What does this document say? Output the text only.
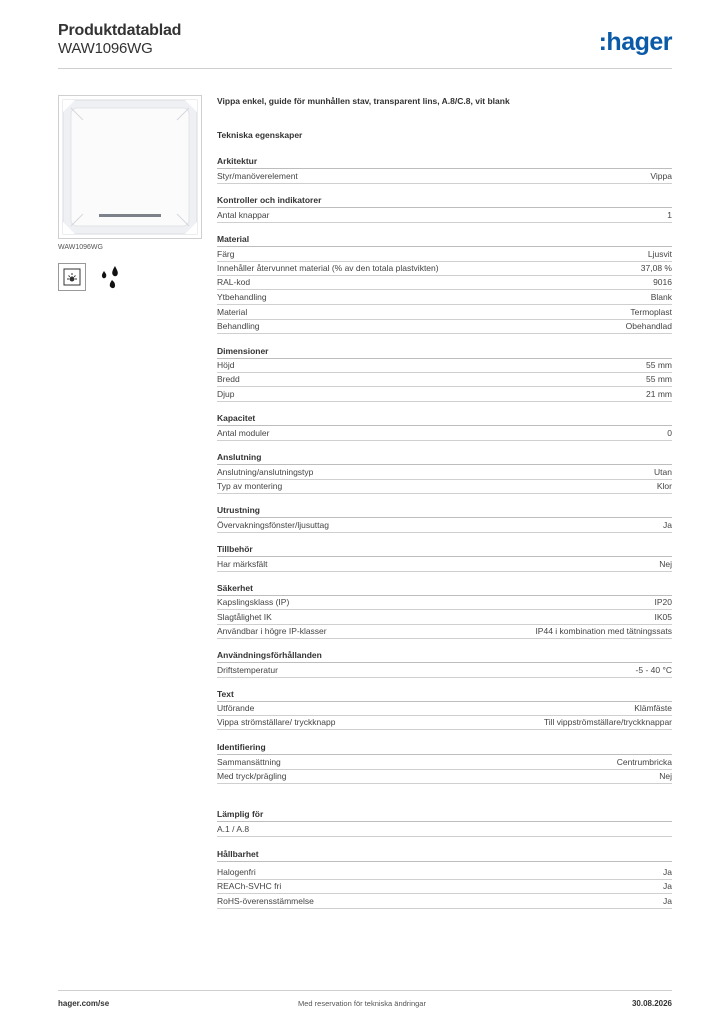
Produktdatablad
WAW1096WG	:hager
WAW1096WG
Vippa enkel, guide för munhållen stav, transparent lins, A.8/C.8, vit blank
Tekniska egenskaper
Arkitektur
Styr/manöverelement	Vippa
Kontroller och indikatorer
Antal knappar	1
Material
Färg	Ljusvit
Innehåller återvunnet material (% av den totala plastvikten)	37,08 %
RAL-kod	9016
Ytbehandling	Blank
Material	Termoplast
Behandling	Obehandlad
Dimensioner
Höjd	55 mm
Bredd	55 mm
Djup	21 mm
Kapacitet
Antal moduler	0
Anslutning
Anslutning/anslutningstyp	Utan
Typ av montering	Klor
Utrustning
Övervakningsfönster/ljusuttag	Ja
Tillbehör
Har märksfält	Nej
Säkerhet
Kapslingsklass (IP)	IP20
Slagtålighet IK	IK05
Användbar i högre IP-klasser	IP44 i kombination med tätningssats
Användningsförhållanden
Driftstemperatur	-5 - 40 °C
Text
Utförande	Klämfäste
Vippa strömställare/ tryckknapp	Till vippströmställare/tryckknappar
Identifiering
Sammansättning	Centrumbricka
Med tryck/prägling	Nej
Lämplig för
A.1 / A.8
Hållbarhet
Halogenfri	Ja
REACh-SVHC fri	Ja
RoHS-överensstämmelse	Ja
hager.com/se	Med reservation för tekniska ändringar	30.08.2026
